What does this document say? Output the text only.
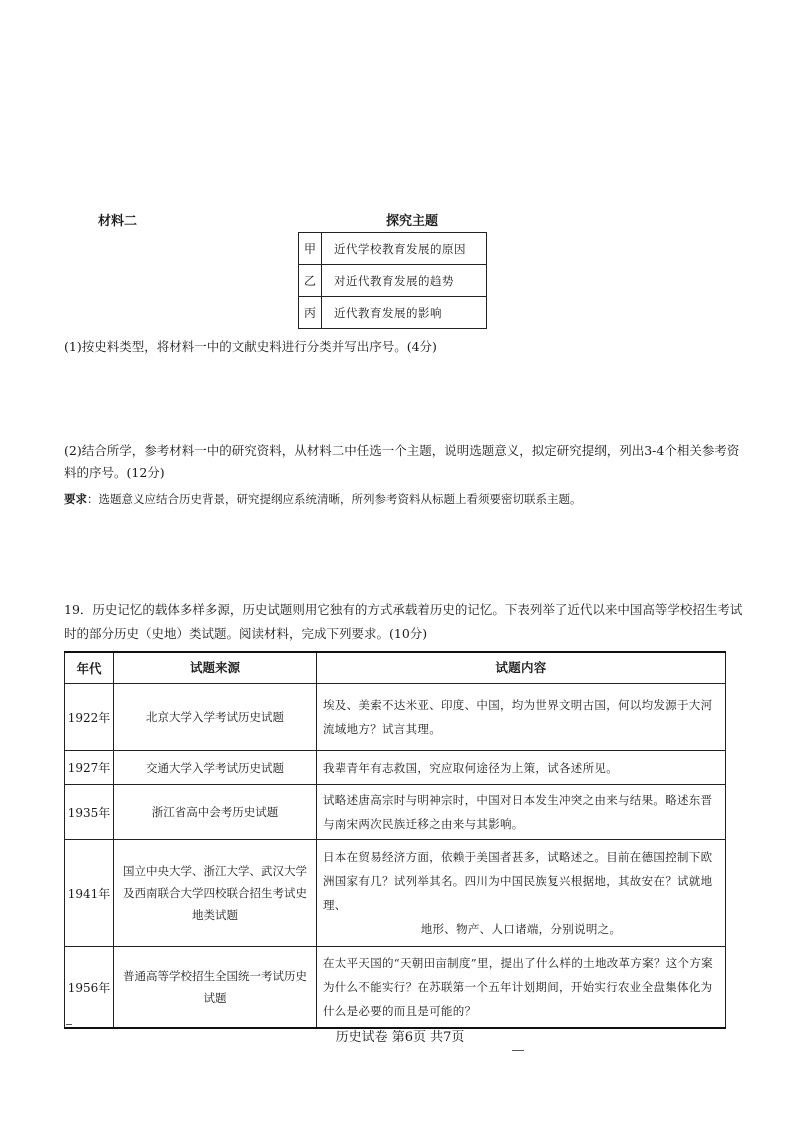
材料二	探究主题
甲	近代学校教育发展的原因
乙	对近代教育发展的趋势
丙	近代教育发展的影响
(1)按史料类型，将材料一中的文献史料进行分类并写出序号。(4分)
(2)结合所学，参考材料一中的研究资料，从材料二中任选一个主题，说明选题意义，拟定研究提纲，列出3-4个相关参考资料的序号。(12分)
要求：选题意义应结合历史背景，研究提纲应系统清晰，所列参考资料从标题上看须要密切联系主题。
19．历史记忆的载体多样多源，历史试题则用它独有的方式承载着历史的记忆。下表列举了近代以来中国高等学校招生考试时的部分历史（史地）类试题。阅读材料，完成下列要求。(10分)
年代	试题来源	试题内容
1922年	北京大学入学考试历史试题	埃及、美索不达米亚、印度、中国，均为世界文明古国，何以均发源于大河流域地方？试言其理。
1927年	交通大学入学考试历史试题	我辈青年有志救国，究应取何途径为上策，试各述所见。
1935年	浙江省高中会考历史试题	试略述唐高宗时与明神宗时，中国对日本发生冲突之由来与结果。略述东晋与南宋两次民族迁移之由来与其影响。
1941年	国立中央大学、浙江大学、武汉大学及西南联合大学四校联合招生考试史地类试题	日本在贸易经济方面，依赖于美国者甚多，试略述之。目前在德国控制下欧洲国家有几？试列举其名。四川为中国民族复兴根据地，其故安在？试就地理、
地形、物产、人口诸端，分别说明之。

1956年	普通高等学校招生全国统一考试历史试题	在太平天国的“天朝田亩制度”里，提出了什么样的土地改革方案？这个方案为什么不能实行？在苏联第一个五年计划期间，开始实行农业全盘集体化为什么是必要的而且是可能的？
历史试卷 第6页 共7页
